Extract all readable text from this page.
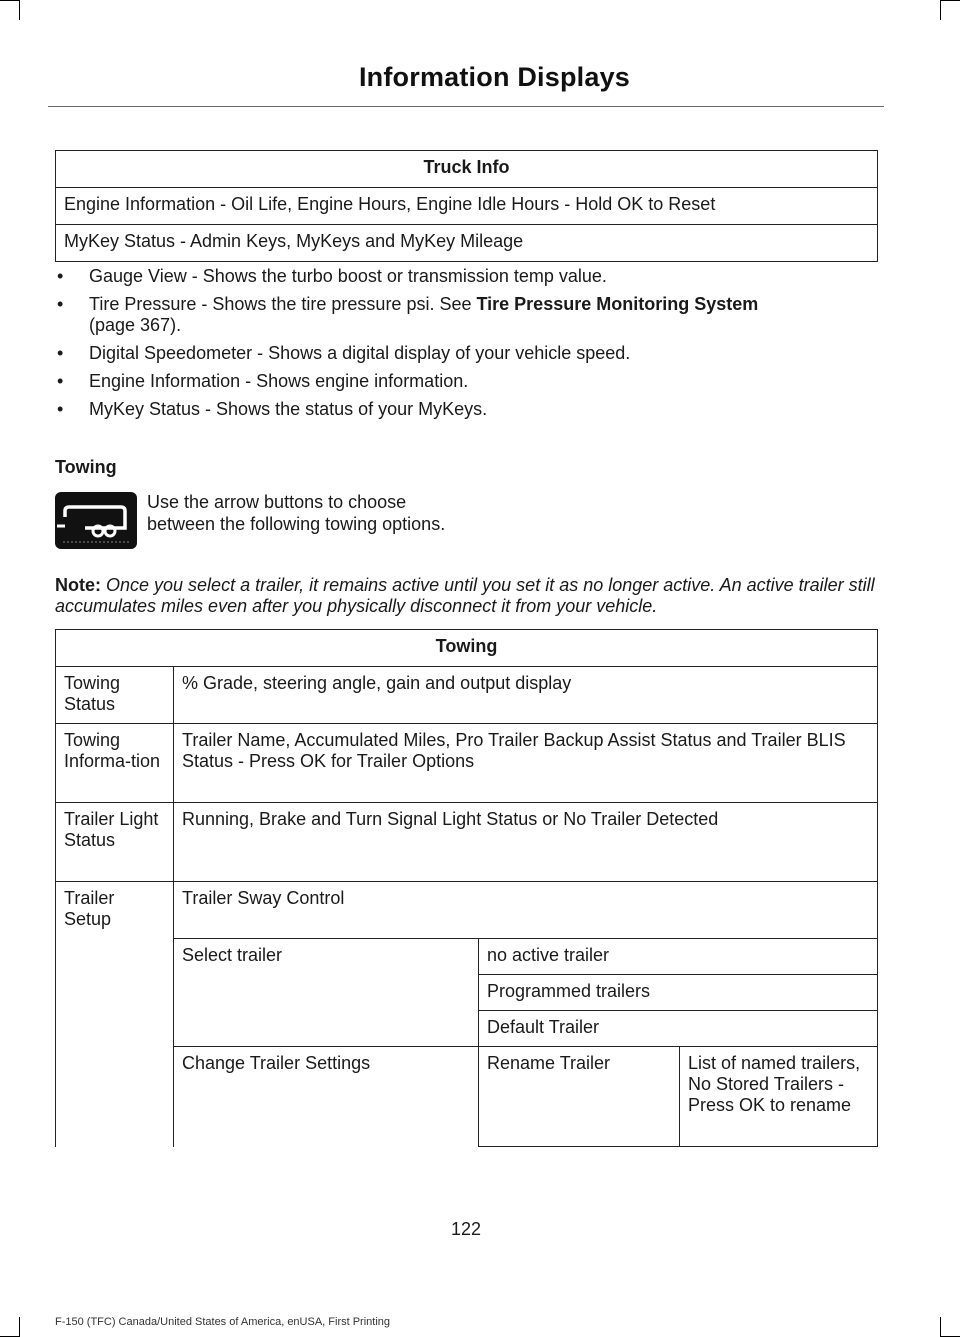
Information Displays
Truck Info
Engine Information - Oil Life, Engine Hours, Engine Idle Hours - Hold OK to Reset
MyKey Status - Admin Keys, MyKeys and MyKey Mileage
• Gauge View - Shows the turbo boost or transmission temp value.
• Tire Pressure - Shows the tire pressure psi. See Tire Pressure Monitoring System
(page 367).
• Digital Speedometer - Shows a digital display of your vehicle speed.
• Engine Information - Shows engine information.
• MyKey Status - Shows the status of your MyKeys.
Towing
Use the arrow buttons to choose between the following towing options.
Note: Once you select a trailer, it remains active until you set it as no longer active. An active trailer still accumulates miles even after you physically disconnect it from your vehicle.
Towing			
Towing Status	% Grade, steering angle, gain and output display		
Towing Informa-tion	Trailer Name, Accumulated Miles, Pro Trailer Backup Assist Status and Trailer BLIS Status - Press OK for Trailer Options		
Trailer Light Status	Running, Brake and Turn Signal Light Status or No Trailer Detected		
Trailer Setup	Trailer Sway Control		
	Select trailer	no active trailer	
		Programmed trailers	
		Default Trailer	
	Change Trailer Settings	Rename Trailer	List of named trailers, No Stored Trailers - Press OK to rename
122
F-150 (TFC) Canada/United States of America, enUSA, First Printing
